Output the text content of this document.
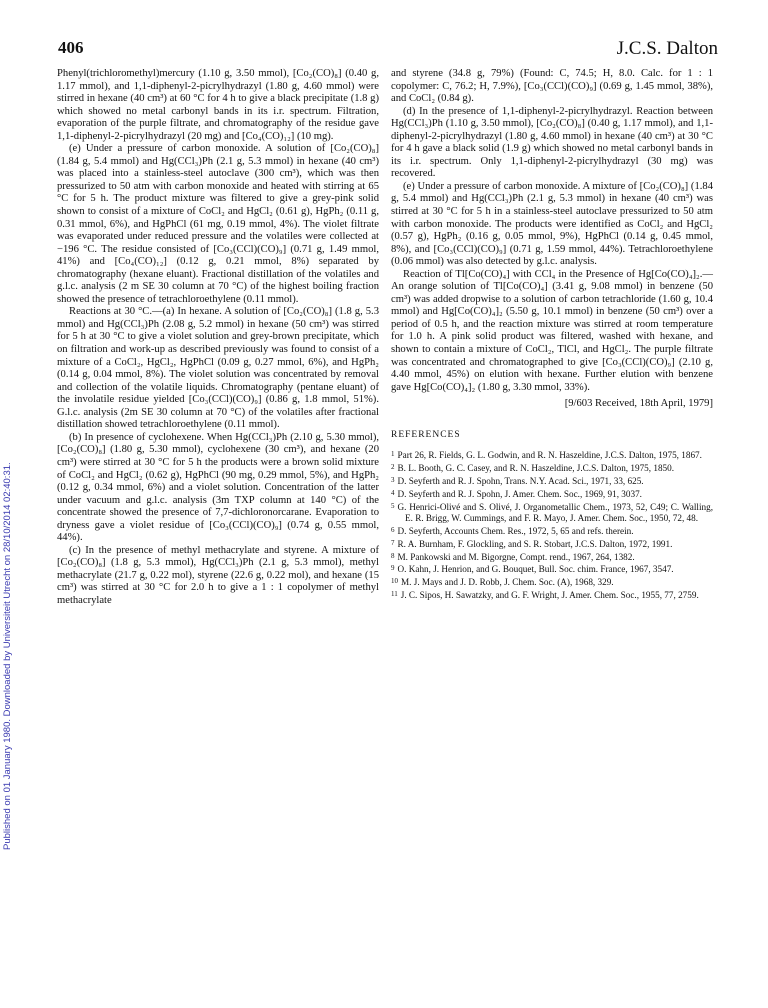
406	J.C.S. Dalton
Published on 01 January 1980. Downloaded by Universiteit Utrecht on 28/10/2014 02:40:31.

Phenyl(trichloromethyl)mercury (1.10 g, 3.50 mmol), [Co₂(CO)₈] (0.40 g, 1.17 mmol), and 1,1-diphenyl-2-picrylhydrazyl (1.80 g, 4.60 mmol) were stirred in hexane (40 cm³) at 60 °C for 4 h to give a black precipitate (1.8 g) which showed no metal carbonyl bands in its i.r. spectrum. Filtration, evaporation of the purple filtrate, and chromatography of the residue gave 1,1-diphenyl-2-picrylhydrazyl (20 mg) and [Co₄(CO)₁₂] (10 mg).

(e) Under a pressure of carbon monoxide. A solution of [Co₂(CO)₈] (1.84 g, 5.4 mmol) and Hg(CCl₃)Ph (2.1 g, 5.3 mmol) in hexane (40 cm³) was placed into a stainless-steel autoclave (300 cm³), which was then pressurized to 50 atm with carbon monoxide and heated with stirring at 65 °C for 5 h. The product mixture was filtered to give a grey-pink solid shown to consist of a mixture of CoCl₂ and HgCl₂ (0.61 g), HgPh₂ (0.11 g, 0.31 mmol, 6%), and HgPhCl (61 mg, 0.19 mmol, 4%). The violet filtrate was evaporated under reduced pressure and the volatiles were collected at −196 °C. The residue consisted of [Co₃(CCl)(CO)₉] (0.71 g, 1.49 mmol, 41%) and [Co₄(CO)₁₂] (0.12 g, 0.21 mmol, 8%) separated by chromatography (hexane eluant). Fractional distillation of the volatiles and g.l.c. analysis (2 m SE 30 column at 70 °C) of the highest boiling fraction showed the presence of tetrachloroethylene (0.11 mmol).

Reactions at 30 °C.—(a) In hexane. A solution of [Co₂(CO)₈] (1.8 g, 5.3 mmol) and Hg(CCl₃)Ph (2.08 g, 5.2 mmol) in hexane (50 cm³) was stirred for 5 h at 30 °C to give a violet solution and grey-brown precipitate, which on filtration and work-up as described previously was found to consist of a mixture of a CoCl₂, HgCl₂, HgPhCl (0.09 g, 0.27 mmol, 6%), and HgPh₂ (0.14 g, 0.04 mmol, 8%). The violet solution was concentrated by removal and collection of the volatile liquids. Chromatography (pentane eluant) of the involatile residue yielded [Co₃(CCl)(CO)₉] (0.86 g, 1.8 mmol, 51%). G.l.c. analysis (2m SE 30 column at 70 °C) of the volatiles after fractional distillation showed tetrachloroethylene (0.11 mmol).

(b) In presence of cyclohexene. When Hg(CCl₃)Ph (2.10 g, 5.30 mmol), [Co₂(CO)₈] (1.80 g, 5.30 mmol), cyclohexene (30 cm³), and hexane (20 cm³) were stirred at 30 °C for 5 h the products were a brown solid mixture of CoCl₂ and HgCl₂ (0.62 g), HgPhCl (90 mg, 0.29 mmol, 5%), and HgPh₂ (0.12 g, 0.34 mmol, 6%) and a violet solution. Concentration of the latter under vacuum and g.l.c. analysis (3m TXP column at 140 °C) of the concentrate showed the presence of 7,7-dichloronorcarane. Evaporation to dryness gave a violet residue of [Co₃(CCl)(CO)₉] (0.74 g, 0.55 mmol, 44%).

(c) In the presence of methyl methacrylate and styrene. A mixture of [Co₂(CO)₈] (1.8 g, 5.3 mmol), Hg(CCl₃)Ph (2.1 g, 5.3 mmol), methyl methacrylate (21.7 g, 0.22 mol), styrene (22.6 g, 0.22 mol), and hexane (15 cm³) was stirred at 30 °C for 2.0 h to give a 1 : 1 copolymer of methyl methacrylate

and styrene (34.8 g, 79%) (Found: C, 74.5; H, 8.0. Calc. for 1 : 1 copolymer: C, 76.2; H, 7.9%), [Co₃(CCl)(CO)₉] (0.69 g, 1.45 mmol, 38%), and CoCl₂ (0.84 g).

(d) In the presence of 1,1-diphenyl-2-picrylhydrazyl. Reaction between Hg(CCl₃)Ph (1.10 g, 3.50 mmol), [Co₂(CO)₈] (0.40 g, 1.17 mmol), and 1,1-diphenyl-2-picrylhydrazyl (1.80 g, 4.60 mmol) in hexane (40 cm³) at 30 °C for 4 h gave a black solid (1.9 g) which showed no metal carbonyl bands in its i.r. spectrum. Only 1,1-diphenyl-2-picrylhydrazyl (30 mg) was recovered.

(e) Under a pressure of carbon monoxide. A mixture of [Co₂(CO)₈] (1.84 g, 5.4 mmol) and Hg(CCl₃)Ph (2.1 g, 5.3 mmol) in hexane (40 cm³) was stirred at 30 °C for 5 h in a stainless-steel autoclave pressurized to 50 atm with carbon monoxide. The products were identified as CoCl₂ and HgCl₂ (0.57 g), HgPh₂ (0.16 g, 0.05 mmol, 9%), HgPhCl (0.14 g, 0.45 mmol, 8%), and [Co₃(CCl)(CO)₉] (0.71 g, 1.59 mmol, 44%). Tetrachloroethylene (0.06 mmol) was also detected by g.l.c. analysis.

Reaction of Tl[Co(CO)₄] with CCl₄ in the Presence of Hg[Co(CO)₄]₂.—An orange solution of Tl[Co(CO)₄] (3.41 g, 9.08 mmol) in benzene (50 cm³) was added dropwise to a solution of carbon tetrachloride (1.60 g, 10.4 mmol) and Hg[Co(CO)₄]₂ (5.50 g, 10.1 mmol) in benzene (50 cm³) over a period of 0.5 h, and the reaction mixture was stirred at room temperature for 1.0 h. A pink solid product was filtered, washed with hexane, and shown to contain a mixture of CoCl₂, TlCl, and HgCl₂. The purple filtrate was concentrated and chromatographed to give [Co₃(CCl)(CO)₉] (2.10 g, 4.40 mmol, 45%) on elution with hexane. Further elution with benzene gave Hg[Co(CO)₄]₂ (1.80 g, 3.30 mmol, 33%).

[9/603 Received, 18th April, 1979]

REFERENCES

$^1$ Part 26, R. Fields, G. L. Godwin, and R. N. Haszeldine, J.C.S. Dalton, 1975, 1867.

$^2$ B. L. Booth, G. C. Casey, and R. N. Haszeldine, J.C.S. Dalton, 1975, 1850.

$^3$ D. Seyferth and R. J. Spohn, Trans. N.Y. Acad. Sci., 1971, 33, 625.

$^4$ D. Seyferth and R. J. Spohn, J. Amer. Chem. Soc., 1969, 91, 3037.

$^5$ G. Henrici-Olivé and S. Olivé, J. Organometallic Chem., 1973, 52, C49; C. Walling, E. R. Brigg, W. Cummings, and F. R. Mayo, J. Amer. Chem. Soc., 1950, 72, 48.

$^6$ D. Seyferth, Accounts Chem. Res., 1972, 5, 65 and refs. therein.

$^7$ R. A. Burnham, F. Glockling, and S. R. Stobart, J.C.S. Dalton, 1972, 1991.

$^8$ M. Pankowski and M. Bigorgne, Compt. rend., 1967, 264, 1382.

$^9$ O. Kahn, J. Henrion, and G. Bouquet, Bull. Soc. chim. France, 1967, 3547.

$^{10}$ M. J. Mays and J. D. Robb, J. Chem. Soc. (A), 1968, 329.

$^{11}$ J. C. Sipos, H. Sawatzky, and G. F. Wright, J. Amer. Chem. Soc., 1955, 77, 2759.
